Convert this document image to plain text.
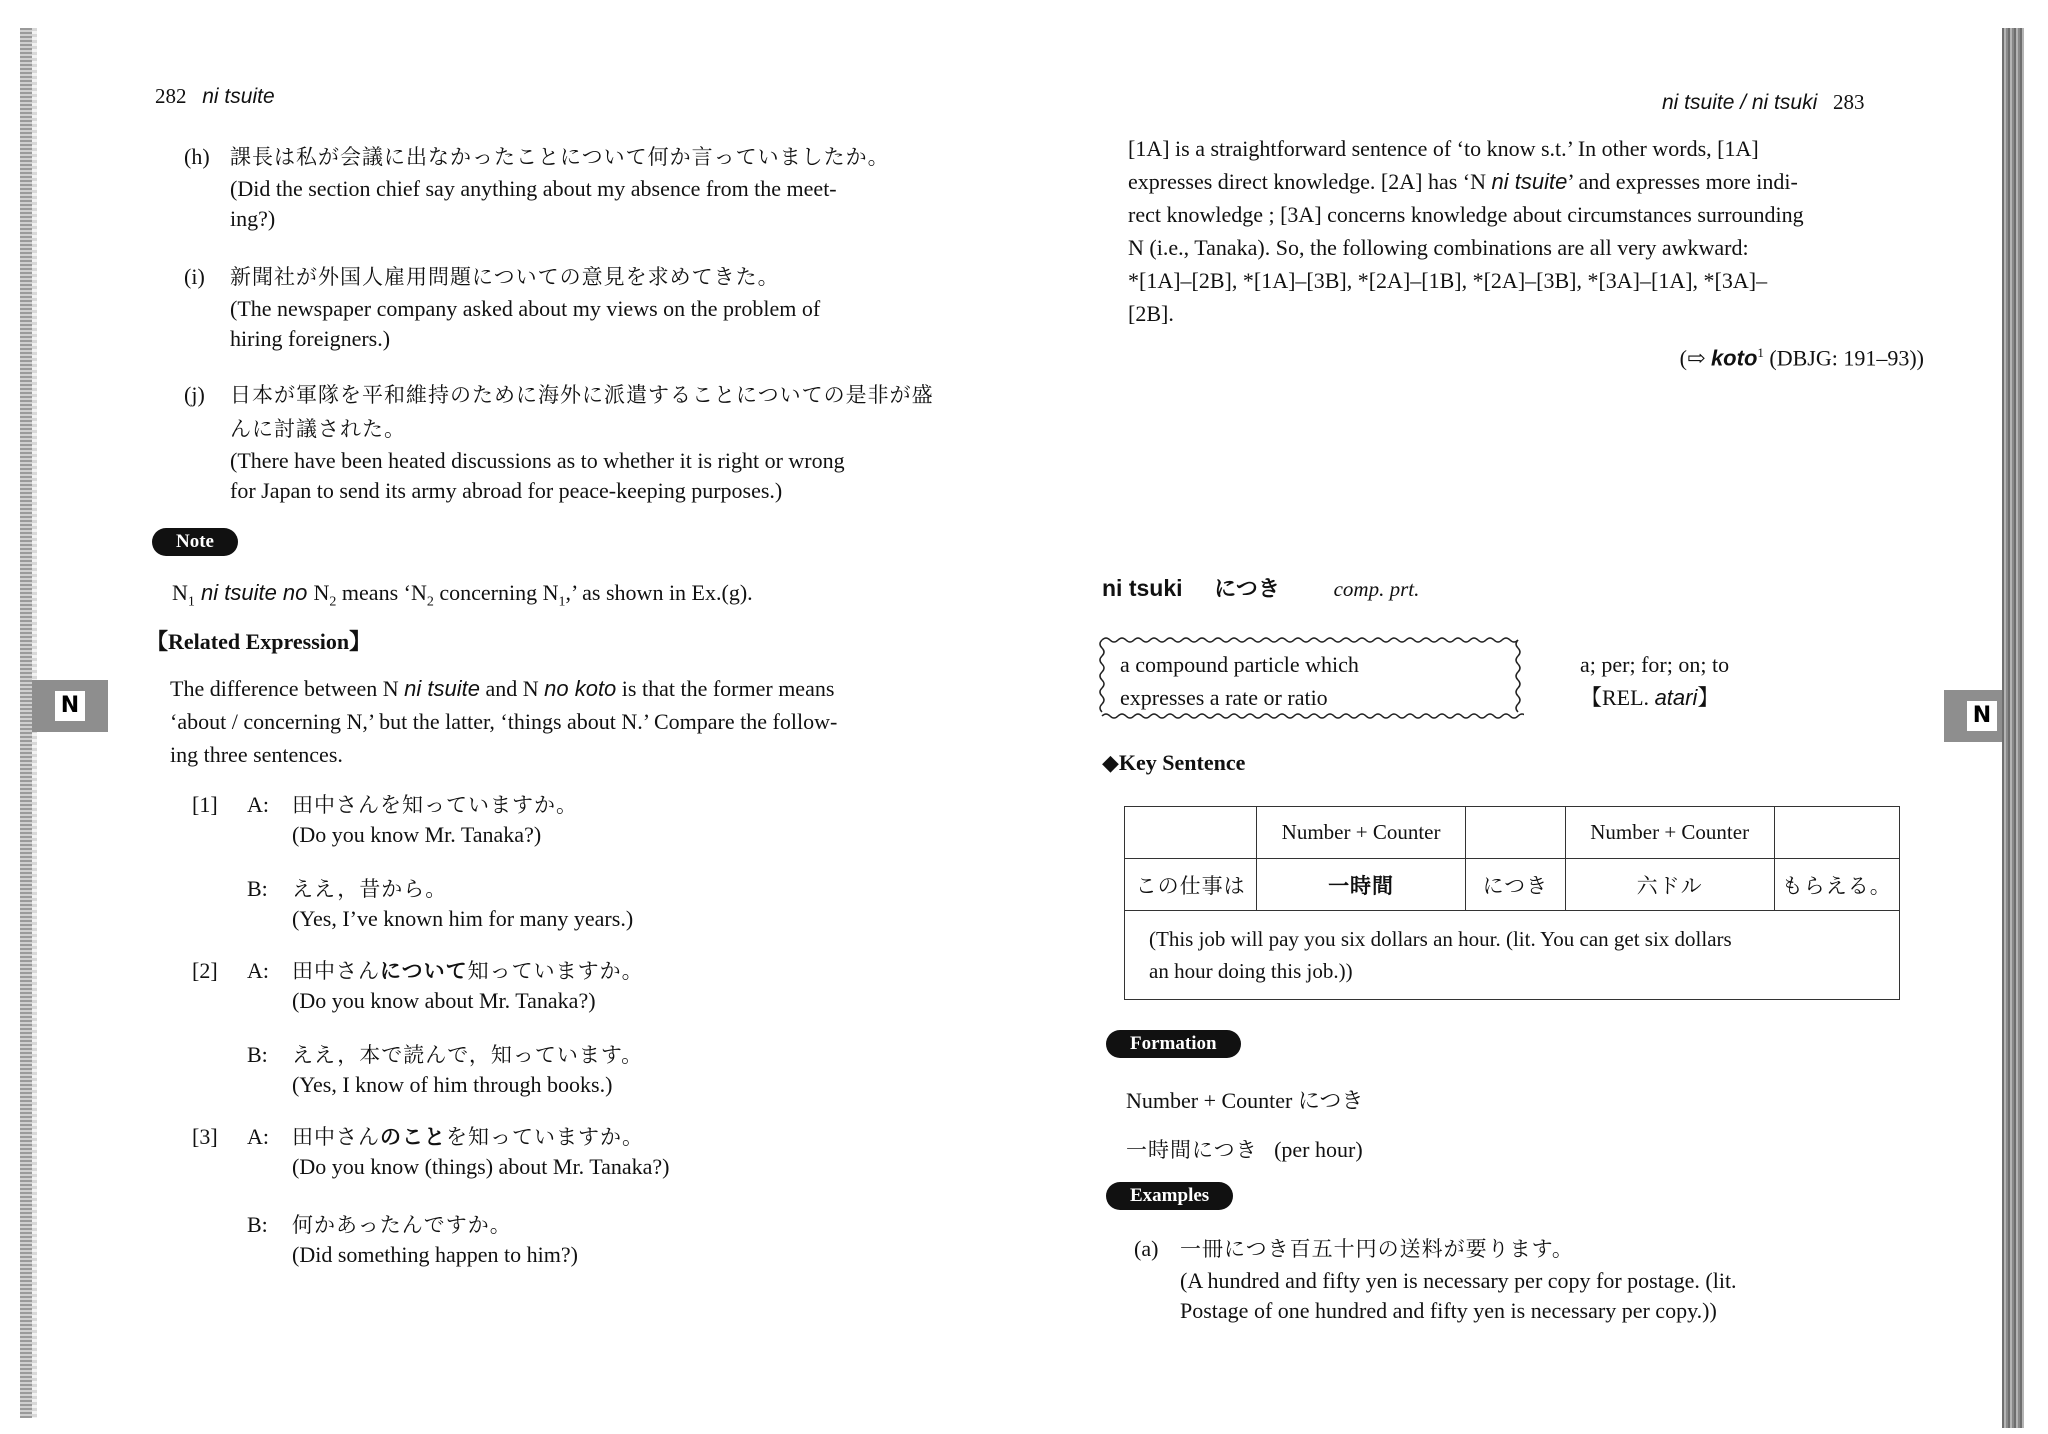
282 ni tsuite
N
(h) 課長は私が会議に出なかったことについて何か言っていましたか。
(Did the section chief say anything about my absence from the meet-
ing?)
(i) 新聞社が外国人雇用問題についての意見を求めてきた。
(The newspaper company asked about my views on the problem of
hiring foreigners.)
(j) 日本が軍隊を平和維持のために海外に派遣することについての是非が盛
んに討議された。
(There have been heated discussions as to whether it is right or wrong
for Japan to send its army abroad for peace-keeping purposes.)
Note
$N_1$ ni tsuite no $N_2$ means ‘$N_2$ concerning $N_1$,’ as shown in Ex.(g).
【Related Expression】
The difference between N ni tsuite and N no koto is that the former means
‘about / concerning N,’ but the latter, ‘things about N.’ Compare the follow-
ing three sentences.
[1] A: 田中さんを知っていますか。
(Do you know Mr. Tanaka?)
B: ええ，昔から。
(Yes, I’ve known him for many years.)
[2] A: 田中さんについて知っていますか。
(Do you know about Mr. Tanaka?)
B: ええ，本で読んで，知っています。
(Yes, I know of him through books.)
[3] A: 田中さんのことを知っていますか。
(Do you know (things) about Mr. Tanaka?)
B: 何かあったんですか。
(Did something happen to him?)
ni tsuite / ni tsuki 283
N
[1A] is a straightforward sentence of ‘to know s.t.’ In other words, [1A]
expresses direct knowledge. [2A] has ‘N ni tsuite’ and expresses more indi-
rect knowledge ; [3A] concerns knowledge about circumstances surrounding
N (i.e., Tanaka). So, the following combinations are all very awkward:
*[1A]–[2B], *[1A]–[3B], *[2A]–[1B], *[2A]–[3B], *[3A]–[1A], *[3A]–
[2B].
(⇨ koto$^1$ (DBJG: 191–93))
ni tsuki につき	comp. prt.
a compound particle which
expresses a rate or ratio
a; per; for; on; to
【REL. atari】
◆Key Sentence
	Number + Counter		Number + Counter	
この仕事は	一時間	につき	六ドル	もらえる。

(This job will pay you six dollars an hour. (lit. You can get six dollars
an hour doing this job.))				
Formation
Number + Counter につき
一時間につき (per hour)
Examples
(a) 一冊につき百五十円の送料が要ります。
(A hundred and fifty yen is necessary per copy for postage. (lit.
Postage of one hundred and fifty yen is necessary per copy.))
